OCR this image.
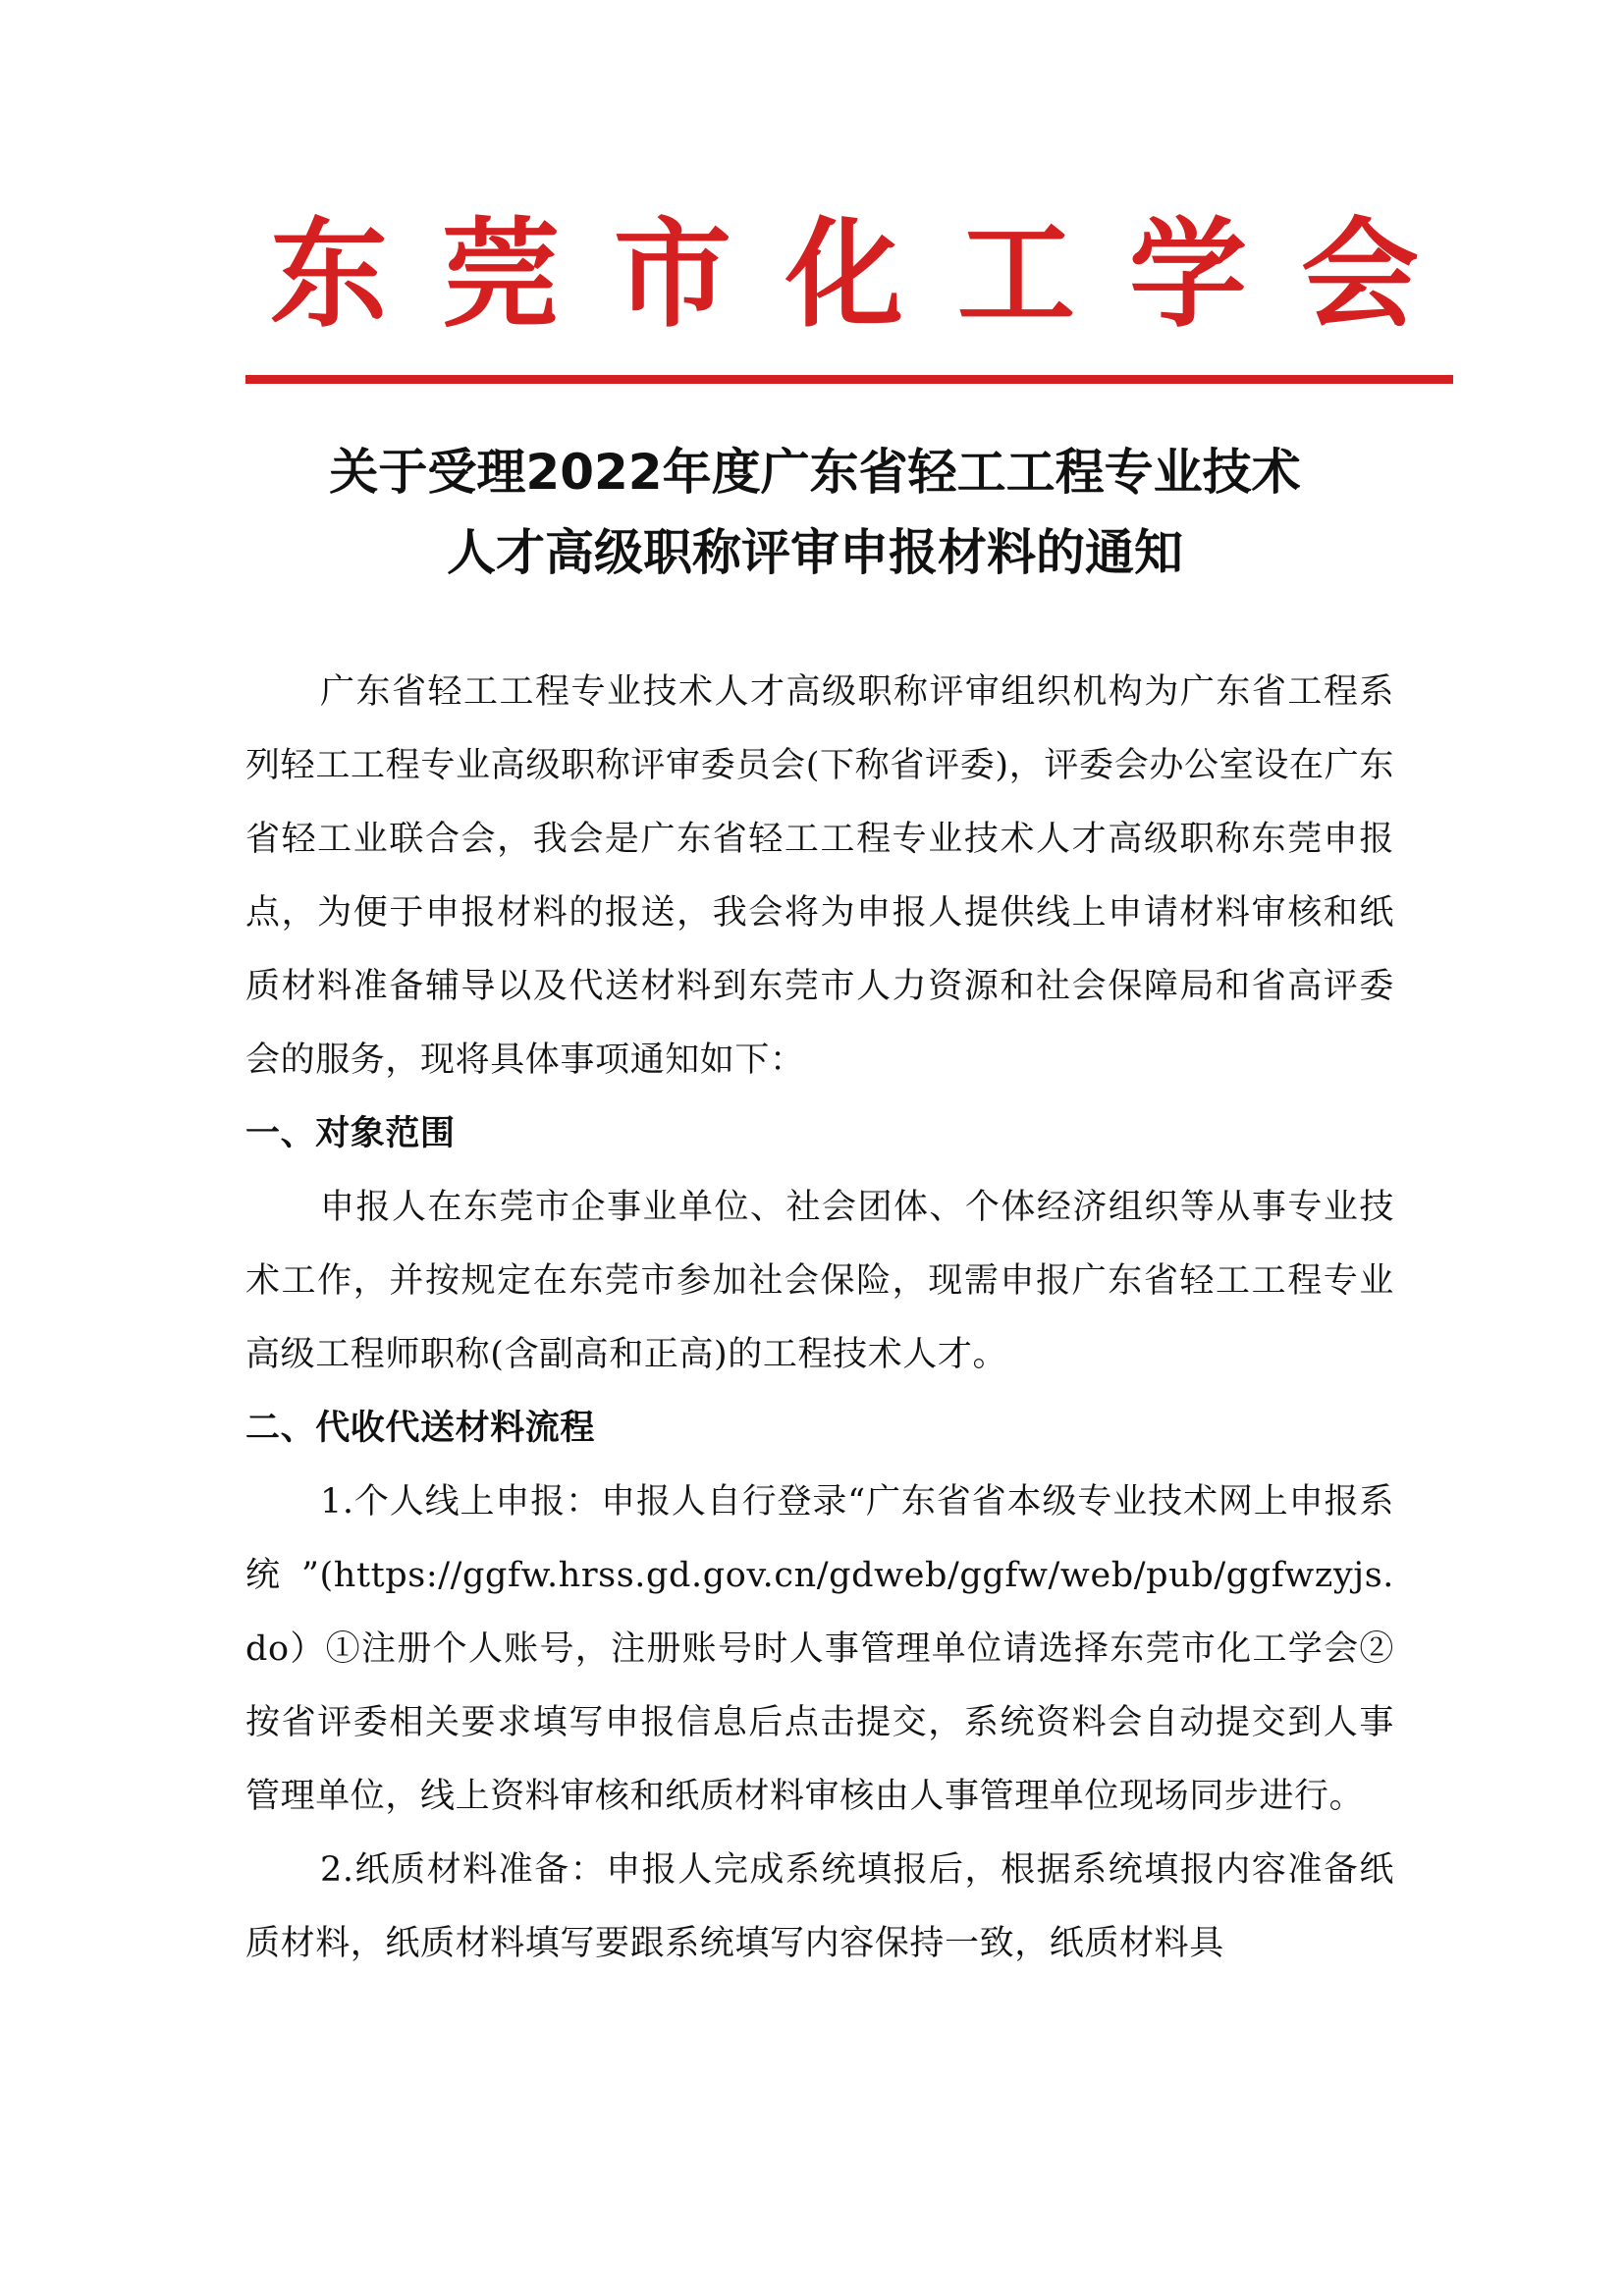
东莞市化工学会
关于受理2022年度广东省轻工工程专业技术
人才高级职称评审申报材料的通知

广东省轻工工程专业技术人才高级职称评审组织机构为广东省工程系列轻工工程专业高级职称评审委员会(下称省评委)，评委会办公室设在广东省轻工业联合会，我会是广东省轻工工程专业技术人才高级职称东莞申报点，为便于申报材料的报送，我会将为申报人提供线上申请材料审核和纸质材料准备辅导以及代送材料到东莞市人力资源和社会保障局和省高评委会的服务，现将具体事项通知如下：

一、对象范围

申报人在东莞市企事业单位、社会团体、个体经济组织等从事专业技术工作，并按规定在东莞市参加社会保险，现需申报广东省轻工工程专业高级工程师职称(含副高和正高)的工程技术人才。

二、代收代送材料流程

1.个人线上申报：申报人自行登录“广东省省本级专业技术网上申报系统”(https://ggfw.hrss.gd.gov.cn/gdweb/ggfw/web/pub/ggfwzyjs.do）①注册个人账号，注册账号时人事管理单位请选择东莞市化工学会②按省评委相关要求填写申报信息后点击提交，系统资料会自动提交到人事管理单位，线上资料审核和纸质材料审核由人事管理单位现场同步进行。

2.纸质材料准备：申报人完成系统填报后，根据系统填报内容准备纸质材料，纸质材料填写要跟系统填写内容保持一致，纸质材料具
